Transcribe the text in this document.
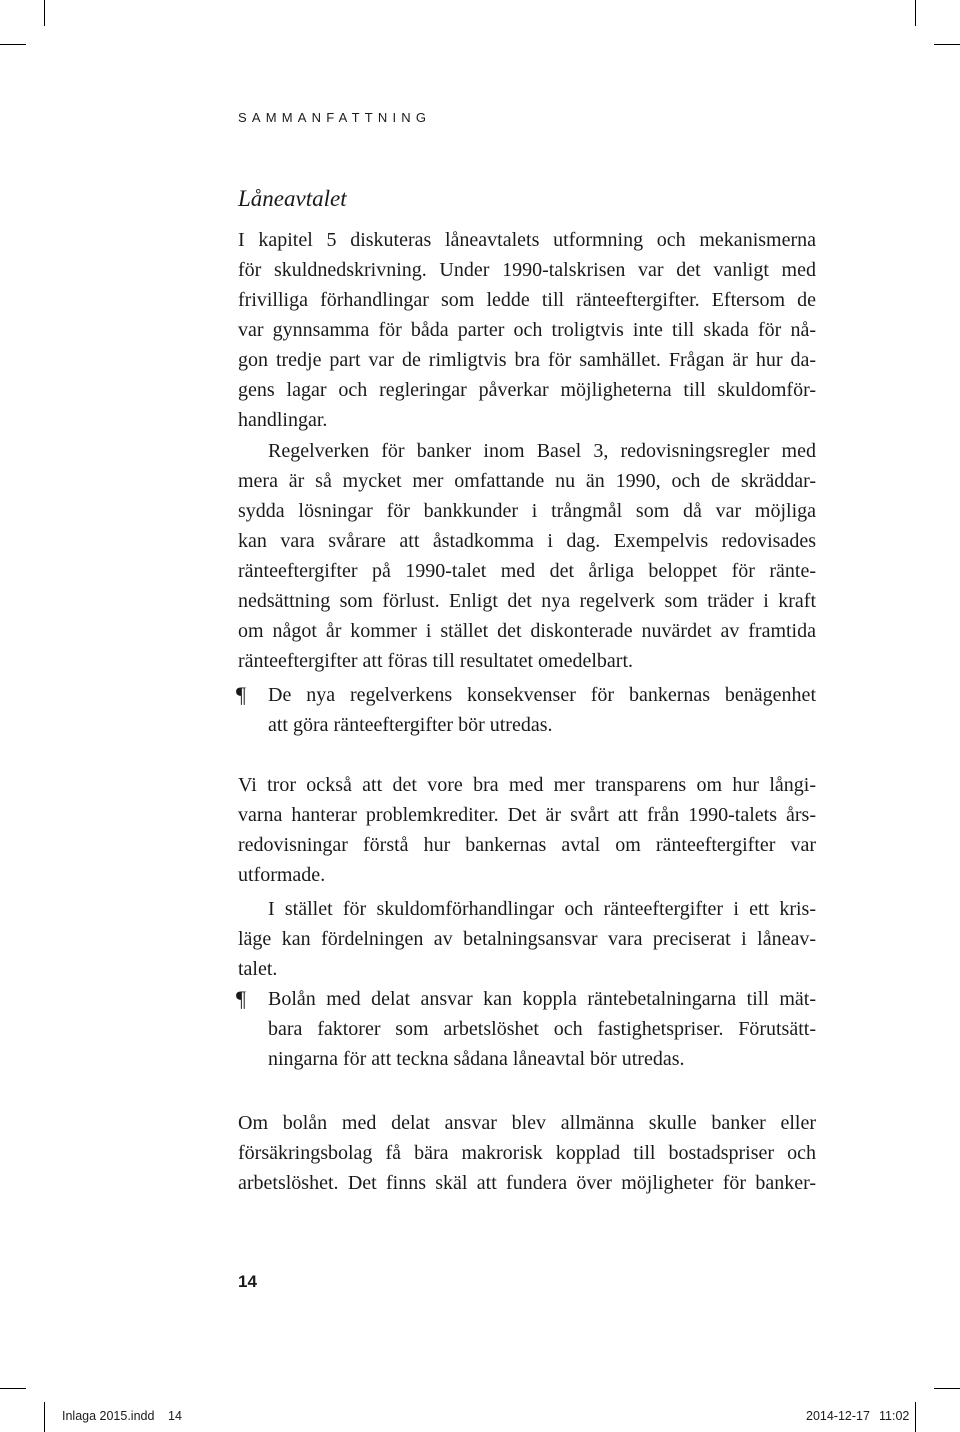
SAMMANFATTNING
Låneavtalet
I kapitel 5 diskuteras låneavtalets utformning och mekanismerna
för skuldnedskrivning. Under 1990-talskrisen var det vanligt med
frivilliga förhandlingar som ledde till ränteeftergifter. Eftersom de
var gynnsamma för båda parter och troligtvis inte till skada för nå-
gon tredje part var de rimligtvis bra för samhället. Frågan är hur da-
gens lagar och regleringar påverkar möjligheterna till skuldomför-
handlingar.
Regelverken för banker inom Basel 3, redovisningsregler med
mera är så mycket mer omfattande nu än 1990, och de skräddar-
sydda lösningar för bankkunder i trångmål som då var möjliga
kan vara svårare att åstadkomma i dag. Exempelvis redovisades
ränteeftergifter på 1990-talet med det årliga beloppet för ränte-
nedsättning som förlust. Enligt det nya regelverk som träder i kraft
om något år kommer i stället det diskonterade nuvärdet av framtida
ränteeftergifter att föras till resultatet omedelbart.
¶ De nya regelverkens konsekvenser för bankernas benägenhet
att göra ränteeftergifter bör utredas.
Vi tror också att det vore bra med mer transparens om hur långi-
varna hanterar problemkrediter. Det är svårt att från 1990-talets års-
redovisningar förstå hur bankernas avtal om ränteeftergifter var
utformade.
I stället för skuldomförhandlingar och ränteeftergifter i ett kris-
läge kan fördelningen av betalningsansvar vara preciserat i låneav-
talet.
¶ Bolån med delat ansvar kan koppla räntebetalningarna till mät-
bara faktorer som arbetslöshet och fastighetspriser. Förutsätt-
ningarna för att teckna sådana låneavtal bör utredas.
Om bolån med delat ansvar blev allmänna skulle banker eller
försäkringsbolag få bära makrorisk kopplad till bostadspriser och
arbetslöshet. Det finns skäl att fundera över möjligheter för banker-
14
Inlaga 2015.indd 14	2014-12-17 11:02
